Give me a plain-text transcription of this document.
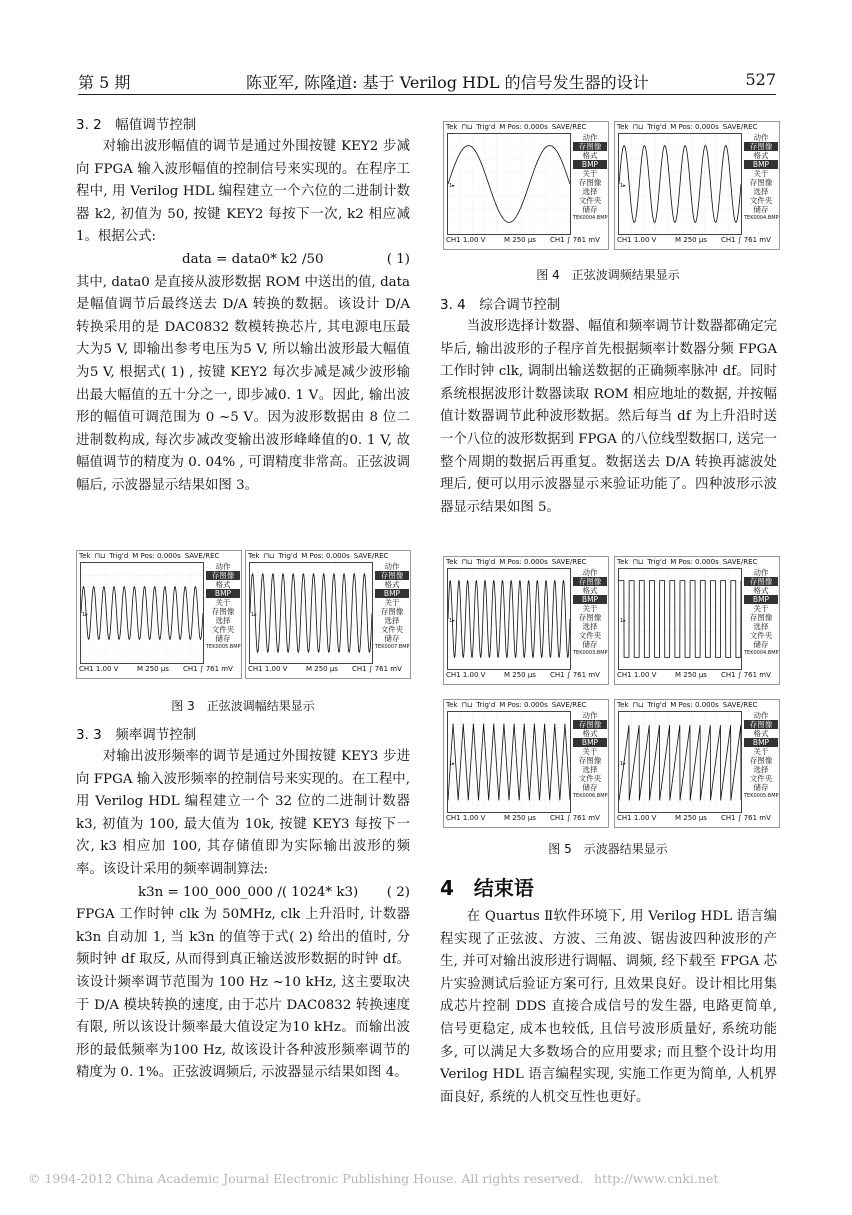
第 5 期	陈亚军, 陈隆道: 基于 Verilog HDL 的信号发生器的设计	527

3. 2　幅值调节控制

对输出波形幅值的调节是通过外围按键 KEY2 步减向 FPGA 输入波形幅值的控制信号来实现的。在程序工程中, 用 Verilog HDL 编程建立一个六位的二进制计数器 k2, 初值为 50, 按键 KEY2 每按下一次, k2 相应减 1。根据公式:

data = data0* k2 /50	( 1)

其中, data0 是直接从波形数据 ROM 中送出的值, data 是幅值调节后最终送去 D/A 转换的数据。该设计 D/A 转换采用的是 DAC0832 数模转换芯片, 其电源电压最大为5 V, 即输出参考电压为5 V, 所以输出波形最大幅值为5 V, 根据式( 1) , 按键 KEY2 每次步减是减少波形输出最大幅值的五十分之一, 即步减0. 1 V。因此, 输出波形的幅值可调范围为 0 ~5 V。因为波形数据由 8 位二进制数构成, 每次步减改变输出波形峰峰值的0. 1 V, 故幅值调节的精度为 0. 04% , 可谓精度非常高。正弦波调幅后, 示波器显示结果如图 3。

Tek ⊓⊔ Trig'd M Pos: 0.000s SAVE/REC
1▸
动作
存图像
格式
BMP
关于
存图像
选择
文件夹
储存
TEK0005.BMP
CH1 1.00 V	M 250 μs CH1 ∫ 761 mV
Tek ⊓⊔ Trig'd M Pos: 0.000s SAVE/REC
1▸
动作
存图像
格式
BMP
关于
存图像
选择
文件夹
储存
TEK0007.BMP
CH1 1.00 V	M 250 μs CH1 ∫ 761 mV
图 3　正弦波调幅结果显示

3. 3　频率调节控制

对输出波形频率的调节是通过外围按键 KEY3 步进向 FPGA 输入波形频率的控制信号来实现的。在工程中, 用 Verilog HDL 编程建立一个 32 位的二进制计数器 k3, 初值为 100, 最大值为 10k, 按键 KEY3 每按下一次, k3 相应加 100, 其存储值即为实际输出波形的频率。该设计采用的频率调制算法:

k3n = 100_000_000 /( 1024* k3) ( 2)

FPGA 工作时钟 clk 为 50MHz, clk 上升沿时, 计数器 k3n 自动加 1, 当 k3n 的值等于式( 2) 给出的值时, 分频时钟 df 取反, 从而得到真正输送波形数据的时钟 df。该设计频率调节范围为 100 Hz ~10 kHz, 这主要取决于 D/A 模块转换的速度, 由于芯片 DAC0832 转换速度有限, 所以该设计频率最大值设定为10 kHz。而输出波形的最低频率为100 Hz, 故该设计各种波形频率调节的精度为 0. 1%。正弦波调频后, 示波器显示结果如图 4。

Tek ⊓⊔ Trig'd M Pos: 0.000s SAVE/REC
1▸
动作
存图像
格式
BMP
关于
存图像
选择
文件夹
储存
TEK0004.BMP
CH1 1.00 V	M 250 μs CH1 ∫ 761 mV
Tek ⊓⊔ Trig'd M Pos: 0.000s SAVE/REC
1▸
动作
存图像
格式
BMP
关于
存图像
选择
文件夹
储存
TEK0004.BMP
CH1 1.00 V	M 250 μs CH1 ∫ 761 mV
图 4　正弦波调频结果显示

3. 4　综合调节控制

当波形选择计数器、幅值和频率调节计数器都确定完毕后, 输出波形的子程序首先根据频率计数器分频 FPGA 工作时钟 clk, 调制出输送数据的正确频率脉冲 df。同时系统根据波形计数器读取 ROM 相应地址的数据, 并按幅值计数器调节此种波形数据。然后每当 df 为上升沿时送一个八位的波形数据到 FPGA 的八位线型数据口, 送完一整个周期的数据后再重复。数据送去 D/A 转换再滤波处理后, 便可以用示波器显示来验证功能了。四种波形示波器显示结果如图 5。

Tek ⊓⊔ Trig'd M Pos: 0.000s SAVE/REC
1▸
动作
存图像
格式
BMP
关于
存图像
选择
文件夹
储存
TEK0003.BMP
CH1 1.00 V	M 250 μs CH1 ∫ 761 mV
Tek ⊓⊔ Trig'd M Pos: 0.000s SAVE/REC
1▸
动作
存图像
格式
BMP
关于
存图像
选择
文件夹
储存
TEK0004.BMP
CH1 1.00 V	M 250 μs CH1 ∫ 761 mV
Tek ⊓⊔ Trig'd M Pos: 0.000s SAVE/REC
1▸
动作
存图像
格式
BMP
关于
存图像
选择
文件夹
储存
TEK0006.BMP
CH1 1.00 V	M 250 μs CH1 ∫ 761 mV
Tek ⊓⊔ Trig'd M Pos: 0.000s SAVE/REC
1▸
动作
存图像
格式
BMP
关于
存图像
选择
文件夹
储存
TEK0005.BMP
CH1 1.00 V	M 250 μs CH1 ∫ 761 mV
图 5　示波器结果显示
4　结束语

在 Quartus Ⅱ软件环境下, 用 Verilog HDL 语言编程实现了正弦波、方波、三角波、锯齿波四种波形的产生, 并可对输出波形进行调幅、调频, 经下载至 FPGA 芯片实验测试后验证方案可行, 且效果良好。设计相比用集成芯片控制 DDS 直接合成信号的发生器, 电路更简单, 信号更稳定, 成本也较低, 且信号波形质量好, 系统功能多, 可以满足大多数场合的应用要求; 而且整个设计均用 Verilog HDL 语言编程实现, 实施工作更为简单, 人机界面良好, 系统的人机交互性也更好。

© 1994-2012 China Academic Journal Electronic Publishing House. All rights reserved. http://www.cnki.net
